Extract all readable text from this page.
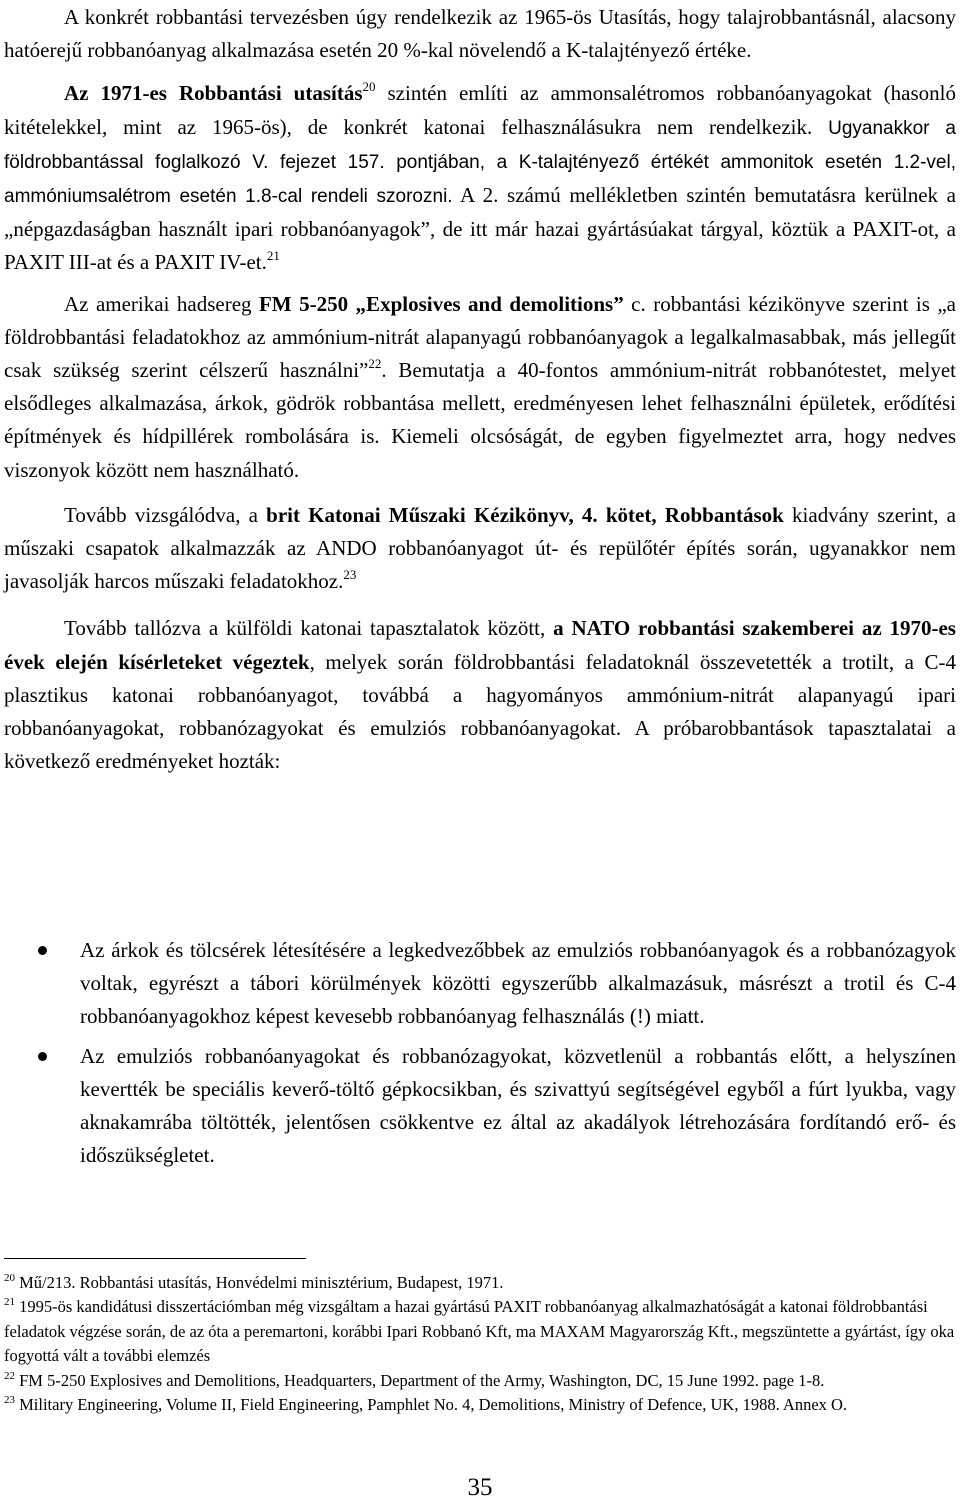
A konkrét robbantási tervezésben úgy rendelkezik az 1965-ös Utasítás, hogy talajrobbantásnál, alacsony hatóerejű robbanóanyag alkalmazása esetén 20 %-kal növelendő a K-talajtényező értéke.

Az 1971-es Robbantási utasítás$^{20}$ szintén említi az ammonsalétromos robbanóanyagokat (hasonló kitételekkel, mint az 1965-ös), de konkrét katonai felhasználásukra nem rendelkezik. Ugyanakkor a földrobbantással foglalkozó V. fejezet 157. pontjában, a K-talajtényező értékét ammonitok esetén 1.2-vel, ammóniumsalétrom esetén 1.8-cal rendeli szorozni. A 2. számú mellékletben szintén bemutatásra kerülnek a „népgazdaságban használt ipari robbanóanyagok”, de itt már hazai gyártásúakat tárgyal, köztük a PAXIT-ot, a PAXIT III-at és a PAXIT IV-et.$^{21}$

Az amerikai hadsereg FM 5-250 „Explosives and demolitions” c. robbantási kézikönyve szerint is „a földrobbantási feladatokhoz az ammónium-nitrát alapanyagú robbanóanyagok a legalkalmasabbak, más jellegűt csak szükség szerint célszerű használni”$^{22}$. Bemutatja a 40-fontos ammónium-nitrát robbanótestet, melyet elsődleges alkalmazása, árkok, gödrök robbantása mellett, eredményesen lehet felhasználni épületek, erődítési építmények és hídpillérek rombolására is. Kiemeli olcsóságát, de egyben figyelmeztet arra, hogy nedves viszonyok között nem használható.

Tovább vizsgálódva, a brit Katonai Műszaki Kézikönyv, 4. kötet, Robbantások kiadvány szerint, a műszaki csapatok alkalmazzák az ANDO robbanóanyagot út- és repülőtér építés során, ugyanakkor nem javasolják harcos műszaki feladatokhoz.$^{23}$

Tovább tallózva a külföldi katonai tapasztalatok között, a NATO robbantási szakemberei az 1970-es évek elején kísérleteket végeztek, melyek során földrobbantási feladatoknál összevetették a trotilt, a C-4 plasztikus katonai robbanóanyagot, továbbá a hagyományos ammónium-nitrát alapanyagú ipari robbanóanyagokat, robbanózagyokat és emulziós robbanóanyagokat. A próbarobbantások tapasztalatai a következő eredményeket hozták:

Az árkok és tölcsérek létesítésére a legkedvezőbbek az emulziós robbanóanyagok és a robbanózagyok voltak, egyrészt a tábori körülmények közötti egyszerűbb alkalmazásuk, másrészt a trotil és C-4 robbanóanyagokhoz képest kevesebb robbanóanyag felhasználás (!) miatt.
Az emulziós robbanóanyagokat és robbanózagyokat, közvetlenül a robbantás előtt, a helyszínen kevertték be speciális keverő-töltő gépkocsikban, és szivattyú segítségével egyből a fúrt lyukba, vagy aknakamrába töltötték, jelentősen csökkentve ez által az akadályok létrehozására fordítandó erő- és időszükségletet.

$^{20}$ Mű/213. Robbantási utasítás, Honvédelmi minisztérium, Budapest, 1971.

$^{21}$ 1995-ös kandidátusi disszertációmban még vizsgáltam a hazai gyártású PAXIT robbanóanyag alkalmazhatóságát a katonai földrobbantási feladatok végzése során, de az óta a peremartoni, korábbi Ipari Robbanó Kft, ma MAXAM Magyarország Kft., megszüntette a gyártást, így oka fogyottá vált a további elemzés

$^{22}$ FM 5-250 Explosives and Demolitions, Headquarters, Department of the Army, Washington, DC, 15 June 1992. page 1-8.

$^{23}$ Military Engineering, Volume II, Field Engineering, Pamphlet No. 4, Demolitions, Ministry of Defence, UK, 1988. Annex O.

35
